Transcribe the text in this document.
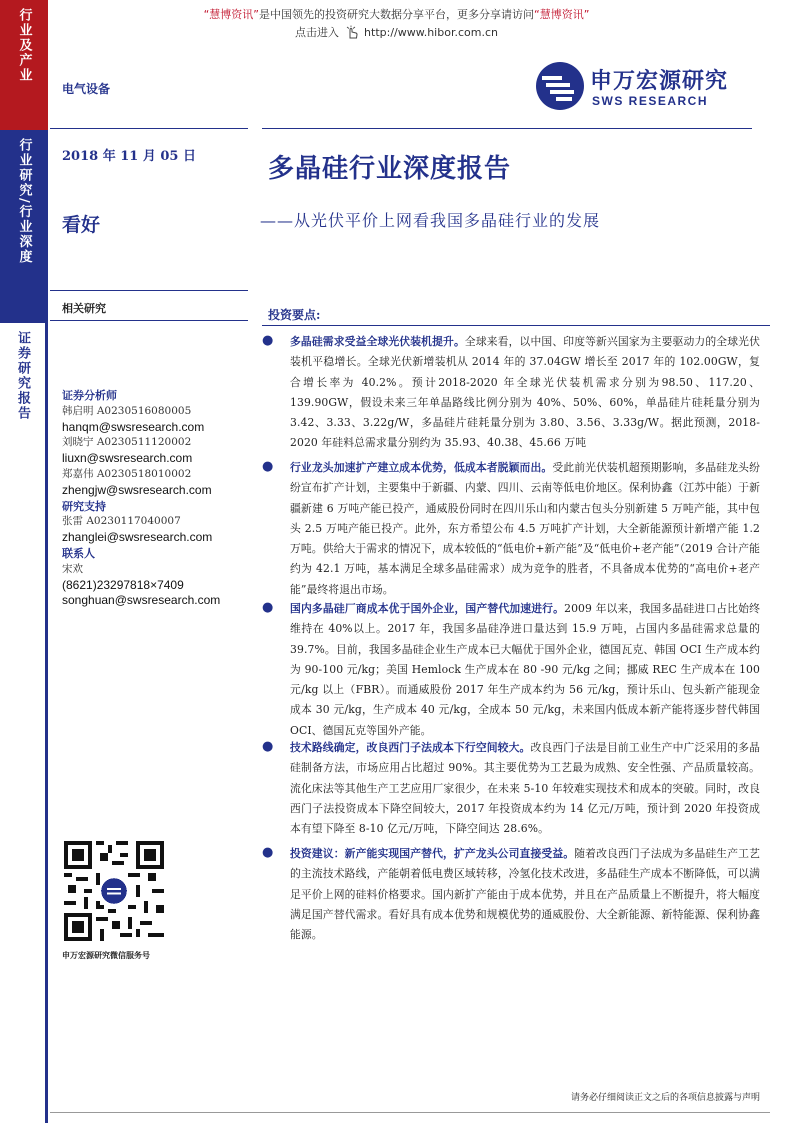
“慧博资讯”是中国领先的投资研究大数据分享平台，更多分享请访问“慧博资讯”
点击进入 http://www.hibor.com.cn
行业及产业
行业研究/行业深度
证券研究报告
电气设备	申万宏源研究
SWS RESEARCH
2018 年 11 月 05 日
看好
多晶硅行业深度报告
——从光伏平价上网看我国多晶硅行业的发展
相关研究
证券分析师
韩启明 A0230516080005
hanqm@swsresearch.com
刘晓宁 A0230511120002
liuxn@swsresearch.com
郑嘉伟 A0230518010002
zhengjw@swsresearch.com
研究支持
张雷 A0230117040007
zhanglei@swsresearch.com
联系人
宋欢
(8621)23297818×7409
songhuan@swsresearch.com
申万宏源研究微信服务号
投资要点:
● 多晶硅需求受益全球光伏装机提升。全球来看，以中国、印度等新兴国家为主要驱动力的全球光伏装机平稳增长。全球光伏新增装机从 2014 年的 37.04GW 增长至 2017 年的 102.00GW，复合增长率为 40.2%。预计2018-2020 年全球光伏装机需求分别为98.50、117.20、139.90GW，假设未来三年单晶路线比例分别为 40%、50%、60%，单晶硅片硅耗量分别为 3.42、3.33、3.22g/W，多晶硅片硅耗量分别为 3.80、3.56、3.33g/W。据此预测，2018-2020 年硅料总需求量分别约为 35.93、40.38、45.66 万吨
● 行业龙头加速扩产建立成本优势，低成本者脱颖而出。受此前光伏装机超预期影响，多晶硅龙头纷纷宣布扩产计划，主要集中于新疆、内蒙、四川、云南等低电价地区。保利协鑫（江苏中能）于新疆新建 6 万吨产能已投产，通威股份同时在四川乐山和内蒙古包头分别新建 5 万吨产能，其中包头 2.5 万吨产能已投产。此外，东方希望公布 4.5 万吨扩产计划，大全新能源预计新增产能 1.2 万吨。供给大于需求的情况下，成本较低的“低电价+新产能”及“低电价+老产能”（2019 合计产能约为 42.1 万吨，基本满足全球多晶硅需求）成为竞争的胜者，不具备成本优势的“高电价+老产能”最终将退出市场。
● 国内多晶硅厂商成本优于国外企业，国产替代加速进行。2009 年以来，我国多晶硅进口占比始终维持在 40%以上。2017 年，我国多晶硅净进口量达到 15.9 万吨，占国内多晶硅需求总量的 39.7%。目前，我国多晶硅企业生产成本已大幅优于国外企业，德国瓦克、韩国 OCI 生产成本约为 90-100 元/kg；美国 Hemlock 生产成本在 80 -90 元/kg 之间；挪威 REC 生产成本在 100 元/kg 以上（FBR）。而通威股份 2017 年生产成本约为 56 元/kg，预计乐山、包头新产能现金成本 30 元/kg，生产成本 40 元/kg，全成本 50 元/kg，未来国内低成本新产能将逐步替代韩国 OCI、德国瓦克等国外产能。
● 技术路线确定，改良西门子法成本下行空间较大。改良西门子法是目前工业生产中广泛采用的多晶硅制备方法，市场应用占比超过 90%。其主要优势为工艺最为成熟、安全性强、产品质量较高。流化床法等其他生产工艺应用厂家很少，在未来 5-10 年较难实现技术和成本的突破。同时，改良西门子法投资成本下降空间较大，2017 年投资成本约为 14 亿元/万吨，预计到 2020 年投资成本有望下降至 8-10 亿元/万吨，下降空间达 28.6%。
● 投资建议：新产能实现国产替代，扩产龙头公司直接受益。随着改良西门子法成为多晶硅生产工艺的主流技术路线，产能朝着低电费区域转移，冷氢化技术改进，多晶硅生产成本不断降低，可以满足平价上网的硅料价格要求。国内新扩产能由于成本优势，并且在产品质量上不断提升，将大幅度满足国产替代需求。看好具有成本优势和规模优势的通威股份、大全新能源、新特能源、保利协鑫能源。
请务必仔细阅读正文之后的各项信息披露与声明
